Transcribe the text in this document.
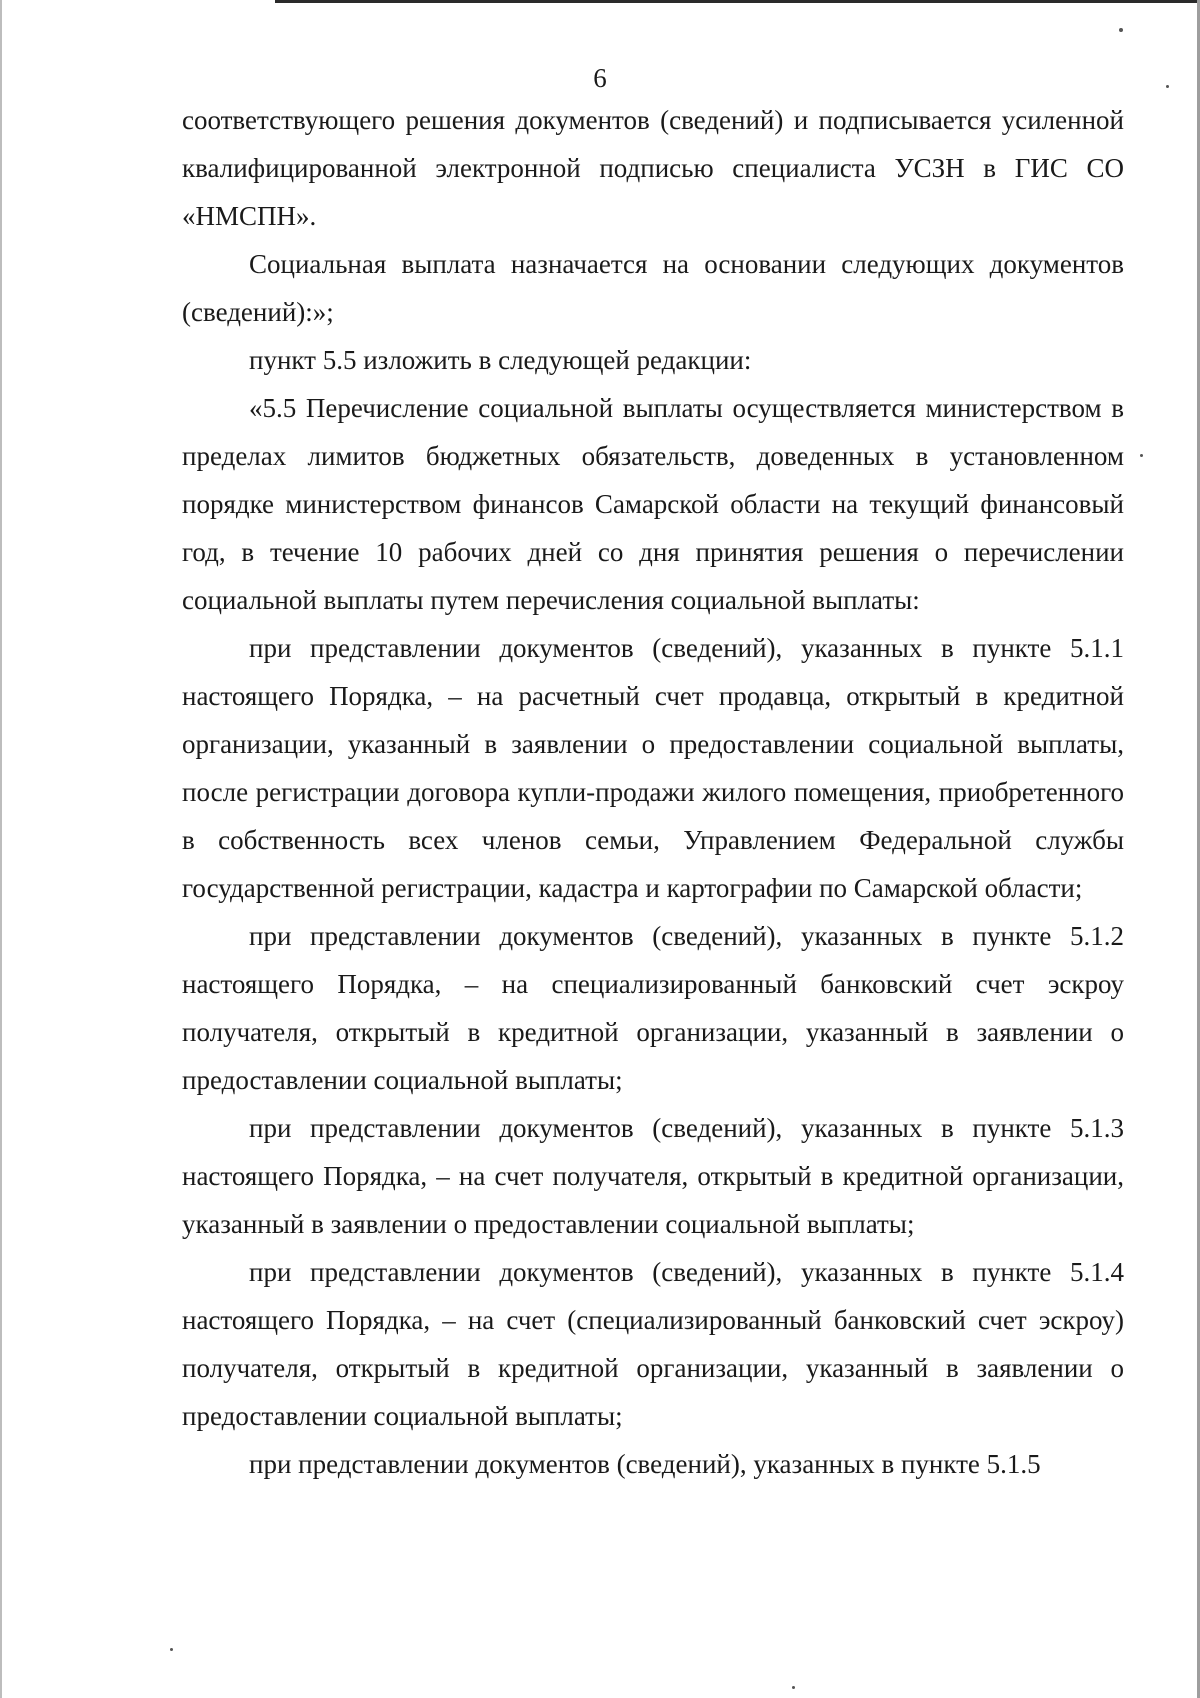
6

соответствующего решения документов (сведений) и подписывается усиленной квалифицированной электронной подписью специалиста УСЗН в ГИС СО «НМСПН».

Социальная выплата назначается на основании следующих документов (сведений):»;

пункт 5.5 изложить в следующей редакции:

«5.5 Перечисление социальной выплаты осуществляется министерством в пределах лимитов бюджетных обязательств, доведенных в установленном порядке министерством финансов Самарской области на текущий финансовый год, в течение 10 рабочих дней со дня принятия решения о перечислении социальной выплаты путем перечисления социальной выплаты:

при представлении документов (сведений), указанных в пункте 5.1.1 настоящего Порядка, – на расчетный счет продавца, открытый в кредитной организации, указанный в заявлении о предоставлении социальной выплаты, после регистрации договора купли-продажи жилого помещения, приобретенного в собственность всех членов семьи, Управлением Федеральной службы государственной регистрации, кадастра и картографии по Самарской области;

при представлении документов (сведений), указанных в пункте 5.1.2 настоящего Порядка, – на специализированный банковский счет эскроу получателя, открытый в кредитной организации, указанный в заявлении о предоставлении социальной выплаты;

при представлении документов (сведений), указанных в пункте 5.1.3 настоящего Порядка, – на счет получателя, открытый в кредитной организации, указанный в заявлении о предоставлении социальной выплаты;

при представлении документов (сведений), указанных в пункте 5.1.4 настоящего Порядка, – на счет (специализированный банковский счет эскроу) получателя, открытый в кредитной организации, указанный в заявлении о предоставлении социальной выплаты;

при представлении документов (сведений), указанных в пункте 5.1.5
